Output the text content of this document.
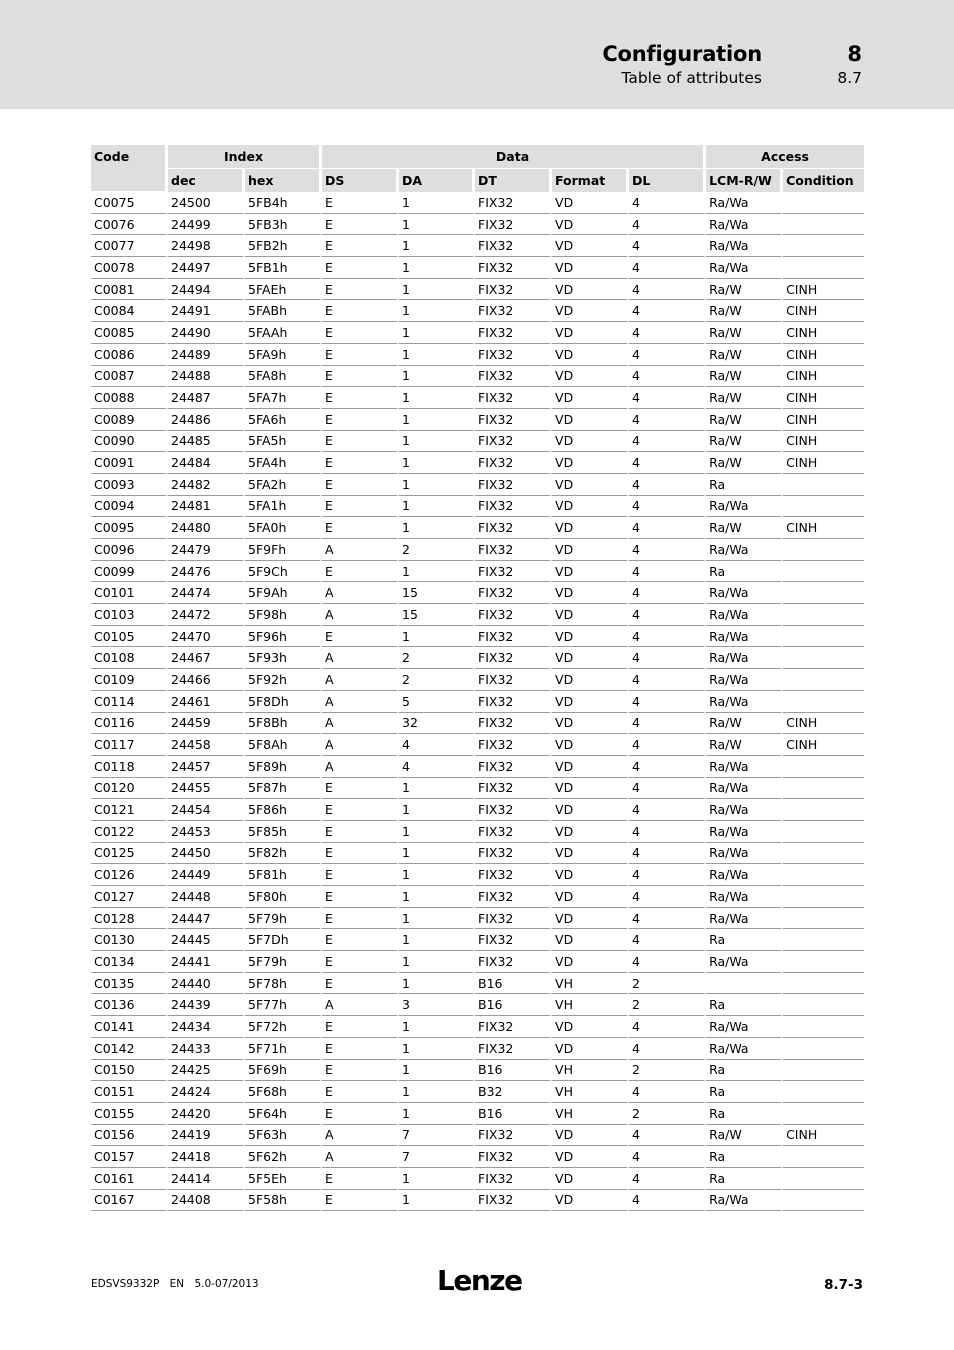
Configuration	8
Table of attributes	8.7
Code	Index		Data					Access	
	dec	hex	DS	DA	DT	Format	DL	LCM-R/W	Condition
C0075	24500	5FB4h	E	1	FIX32	VD	4	Ra/Wa	
C0076	24499	5FB3h	E	1	FIX32	VD	4	Ra/Wa	
C0077	24498	5FB2h	E	1	FIX32	VD	4	Ra/Wa	
C0078	24497	5FB1h	E	1	FIX32	VD	4	Ra/Wa	
C0081	24494	5FAEh	E	1	FIX32	VD	4	Ra/W	CINH
C0084	24491	5FABh	E	1	FIX32	VD	4	Ra/W	CINH
C0085	24490	5FAAh	E	1	FIX32	VD	4	Ra/W	CINH
C0086	24489	5FA9h	E	1	FIX32	VD	4	Ra/W	CINH
C0087	24488	5FA8h	E	1	FIX32	VD	4	Ra/W	CINH
C0088	24487	5FA7h	E	1	FIX32	VD	4	Ra/W	CINH
C0089	24486	5FA6h	E	1	FIX32	VD	4	Ra/W	CINH
C0090	24485	5FA5h	E	1	FIX32	VD	4	Ra/W	CINH
C0091	24484	5FA4h	E	1	FIX32	VD	4	Ra/W	CINH
C0093	24482	5FA2h	E	1	FIX32	VD	4	Ra	
C0094	24481	5FA1h	E	1	FIX32	VD	4	Ra/Wa	
C0095	24480	5FA0h	E	1	FIX32	VD	4	Ra/W	CINH
C0096	24479	5F9Fh	A	2	FIX32	VD	4	Ra/Wa	
C0099	24476	5F9Ch	E	1	FIX32	VD	4	Ra	
C0101	24474	5F9Ah	A	15	FIX32	VD	4	Ra/Wa	
C0103	24472	5F98h	A	15	FIX32	VD	4	Ra/Wa	
C0105	24470	5F96h	E	1	FIX32	VD	4	Ra/Wa	
C0108	24467	5F93h	A	2	FIX32	VD	4	Ra/Wa	
C0109	24466	5F92h	A	2	FIX32	VD	4	Ra/Wa	
C0114	24461	5F8Dh	A	5	FIX32	VD	4	Ra/Wa	
C0116	24459	5F8Bh	A	32	FIX32	VD	4	Ra/W	CINH
C0117	24458	5F8Ah	A	4	FIX32	VD	4	Ra/W	CINH
C0118	24457	5F89h	A	4	FIX32	VD	4	Ra/Wa	
C0120	24455	5F87h	E	1	FIX32	VD	4	Ra/Wa	
C0121	24454	5F86h	E	1	FIX32	VD	4	Ra/Wa	
C0122	24453	5F85h	E	1	FIX32	VD	4	Ra/Wa	
C0125	24450	5F82h	E	1	FIX32	VD	4	Ra/Wa	
C0126	24449	5F81h	E	1	FIX32	VD	4	Ra/Wa	
C0127	24448	5F80h	E	1	FIX32	VD	4	Ra/Wa	
C0128	24447	5F79h	E	1	FIX32	VD	4	Ra/Wa	
C0130	24445	5F7Dh	E	1	FIX32	VD	4	Ra	
C0134	24441	5F79h	E	1	FIX32	VD	4	Ra/Wa	
C0135	24440	5F78h	E	1	B16	VH	2		
C0136	24439	5F77h	A	3	B16	VH	2	Ra	
C0141	24434	5F72h	E	1	FIX32	VD	4	Ra/Wa	
C0142	24433	5F71h	E	1	FIX32	VD	4	Ra/Wa	
C0150	24425	5F69h	E	1	B16	VH	2	Ra	
C0151	24424	5F68h	E	1	B32	VH	4	Ra	
C0155	24420	5F64h	E	1	B16	VH	2	Ra	
C0156	24419	5F63h	A	7	FIX32	VD	4	Ra/W	CINH
C0157	24418	5F62h	A	7	FIX32	VD	4	Ra	
C0161	24414	5F5Eh	E	1	FIX32	VD	4	Ra	
C0167	24408	5F58h	E	1	FIX32	VD	4	Ra/Wa	
EDSVS9332P EN 5.0-07/2013	Lenze	8.7-3
